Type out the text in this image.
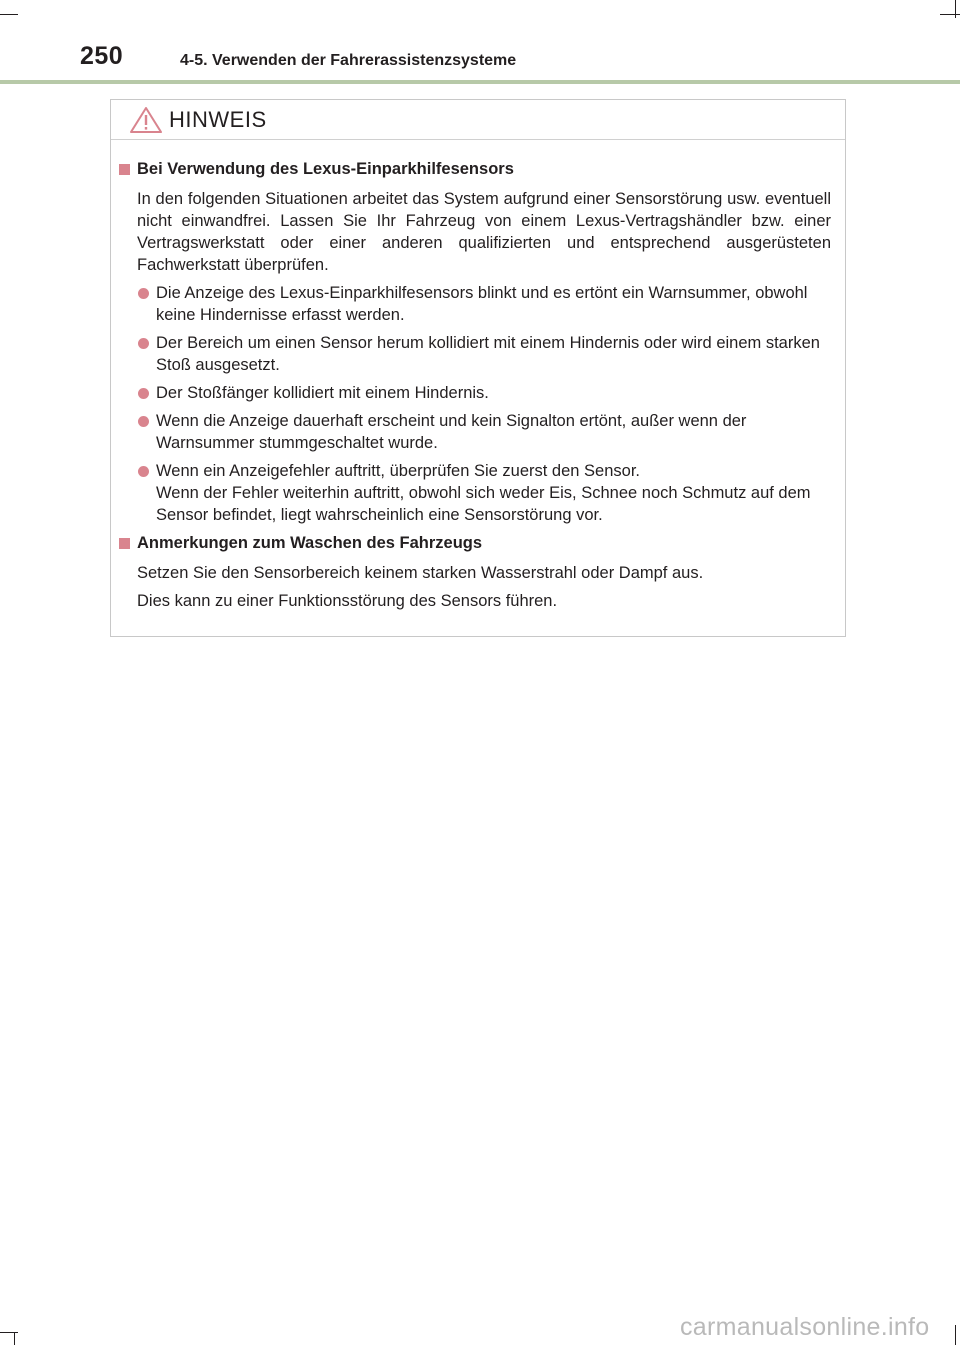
250	4-5. Verwenden der Fahrerassistenzsysteme
HINWEIS
Bei Verwendung des Lexus-Einparkhilfesensors

In den folgenden Situationen arbeitet das System aufgrund einer Sensorstörung usw. eventuell nicht einwandfrei. Lassen Sie Ihr Fahrzeug von einem Lexus-Vertragshändler bzw. einer Vertragswerkstatt oder einer anderen qualifizierten und entsprechend ausgerüsteten Fachwerkstatt überprüfen.

Die Anzeige des Lexus-Einparkhilfesensors blinkt und es ertönt ein Warnsummer, obwohl keine Hindernisse erfasst werden.
Der Bereich um einen Sensor herum kollidiert mit einem Hindernis oder wird einem starken Stoß ausgesetzt.
Der Stoßfänger kollidiert mit einem Hindernis.
Wenn die Anzeige dauerhaft erscheint und kein Signalton ertönt, außer wenn der Warnsummer stummgeschaltet wurde.
Wenn ein Anzeigefehler auftritt, überprüfen Sie zuerst den Sensor.
Wenn der Fehler weiterhin auftritt, obwohl sich weder Eis, Schnee noch Schmutz auf dem Sensor befindet, liegt wahrscheinlich eine Sensorstörung vor.
Anmerkungen zum Waschen des Fahrzeugs

Setzen Sie den Sensorbereich keinem starken Wasserstrahl oder Dampf aus.

Dies kann zu einer Funktionsstörung des Sensors führen.

carmanualsonline.info
